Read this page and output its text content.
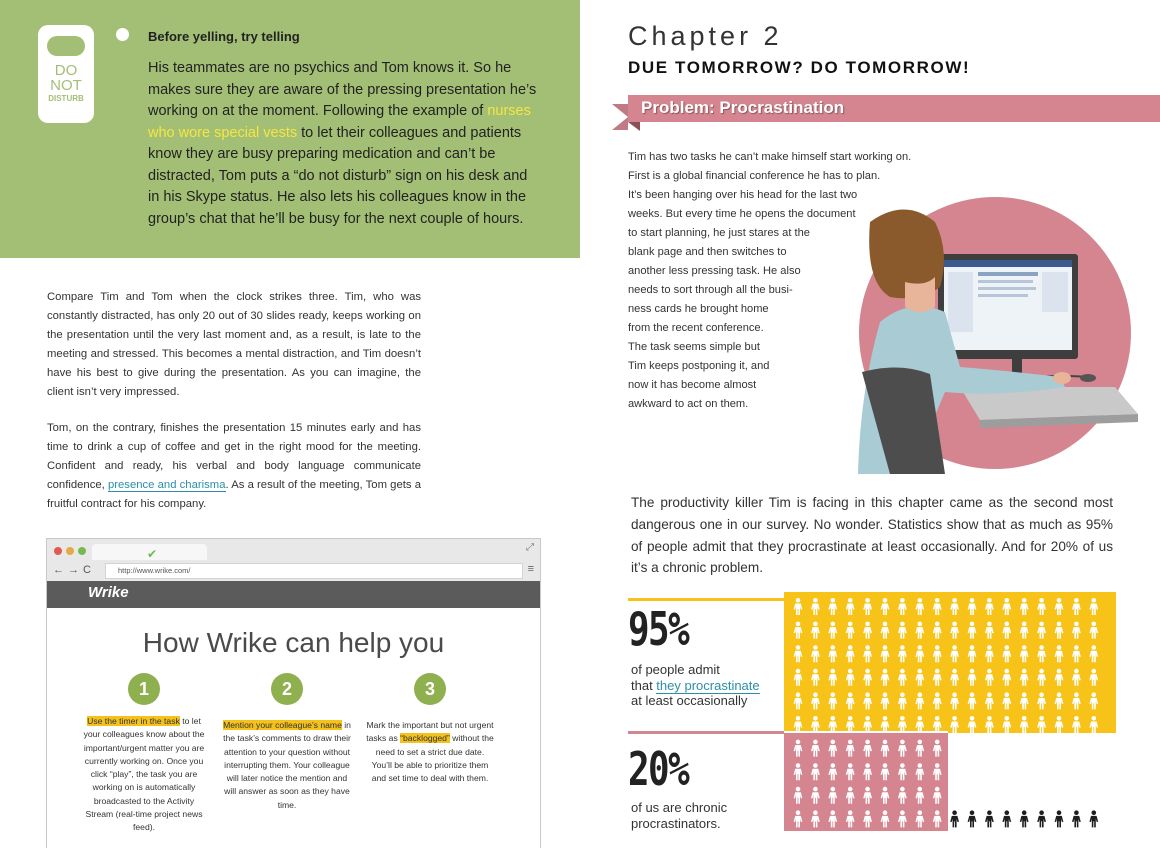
DO
NOT
DISTURB
Before yelling, try telling
His teammates are no psychics and Tom knows it. So he makes sure they are aware of the pressing presentation he’s working on at the moment. Following the example of nurses who wore special vests to let their colleagues and patients know they are busy preparing medication and can’t be distracted, Tom puts a “do not disturb” sign on his desk and in his Skype status. He also lets his colleagues know in the group’s chat that he’ll be busy for the next couple of hours.
Compare Tim and Tom when the clock strikes three. Tim, who was constantly distracted, has only 20 out of 30 slides ready, keeps working on the presentation until the very last moment and, as a result, is late to the meeting and stressed. This becomes a mental distraction, and Tim doesn’t have his best to give during the presentation. As you can imagine, the client isn’t very impressed.
Tom, on the contrary, finishes the presentation 15 minutes early and has time to drink a cup of coffee and get in the right mood for the meeting. Confident and ready, his verbal and body language communicate confidence, presence and charisma. As a result of the meeting, Tom gets a fruitful contract for his company.
✔	⤢
←→C	http://www.wrike.com/	≡
Wrike
How Wrike can help you
1	2	3
Use the timer in the task to let your colleagues know about the important/urgent matter you are currently working on. Once you click “play”, the task you are working on is automatically broadcasted to the Activity Stream (real-time project news feed).
Mention your colleague’s name in the task’s comments to draw their attention to your question without interrupting them. Your colleague will later notice the mention and will answer as soon as they have time.
Mark the important but not urgent tasks as “backlogged” without the need to set a strict due date. You’ll be able to prioritize them and set time to deal with them.
Chapter 2
DUE TOMORROW? DO TOMORROW!
Problem: Procrastination
Tim has two tasks he can’t make himself start working on.
First is a global financial conference he has to plan.
It’s been hanging over his head for the last two
weeks. But every time he opens the document
to start planning, he just stares at the
blank page and then switches to
another less pressing task. He also
needs to sort through all the busi-
ness cards he brought home
from the recent conference.
The task seems simple but
Tim keeps postponing it, and
now it has become almost
awkward to act on them.
The productivity killer Tim is facing in this chapter came as the second most dangerous one in our survey. No wonder. Statistics show that as much as 95% of people admit that they procrastinate at least occasionally. And for 20% of us it’s a chronic problem.
95%
of people admit
that they procrastinate
at least occasionally
20%
of us are chronic
procrastinators.
